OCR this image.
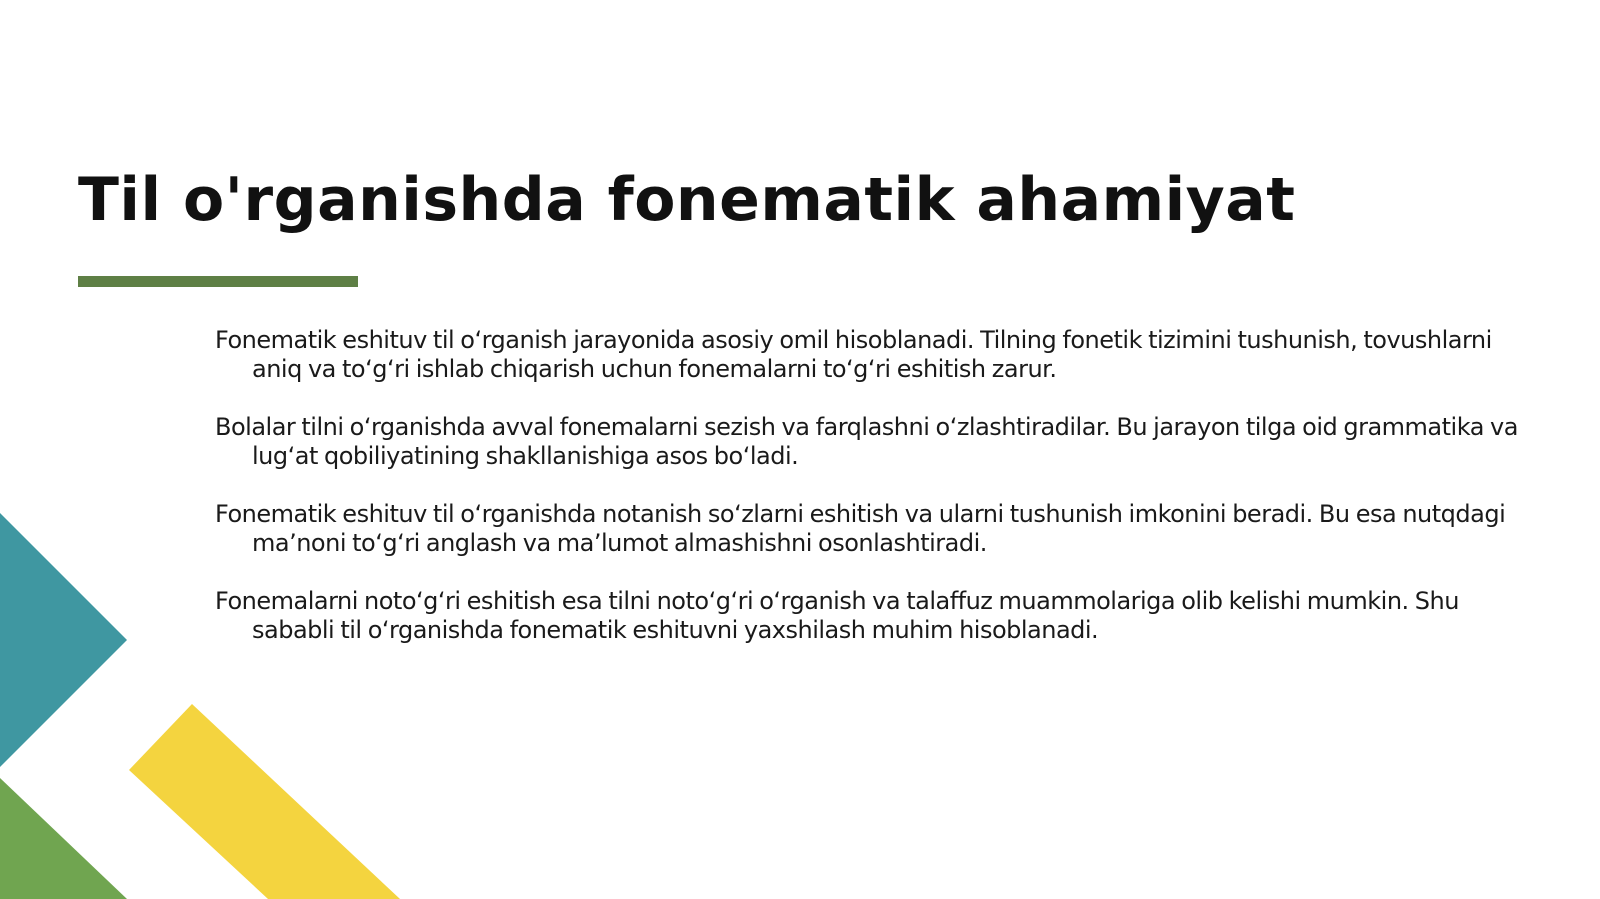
Til o'rganishda fonematik ahamiyat

Fonematik eshituv til o‘rganish jarayonida asosiy omil hisoblanadi. Tilning fonetik tizimini tushunish, tovushlarni aniq va to‘g‘ri ishlab chiqarish uchun fonemalarni to‘g‘ri eshitish zarur.

Bolalar tilni o‘rganishda avval fonemalarni sezish va farqlashni o‘zlashtiradilar. Bu jarayon tilga oid grammatika va lug‘at qobiliyatining shakllanishiga asos bo‘ladi.

Fonematik eshituv til o‘rganishda notanish so‘zlarni eshitish va ularni tushunish imkonini beradi. Bu esa nutqdagi ma’noni to‘g‘ri anglash va ma’lumot almashishni osonlashtiradi.

Fonemalarni noto‘g‘ri eshitish esa tilni noto‘g‘ri o‘rganish va talaffuz muammolariga olib kelishi mumkin. Shu sababli til o‘rganishda fonematik eshituvni yaxshilash muhim hisoblanadi.
